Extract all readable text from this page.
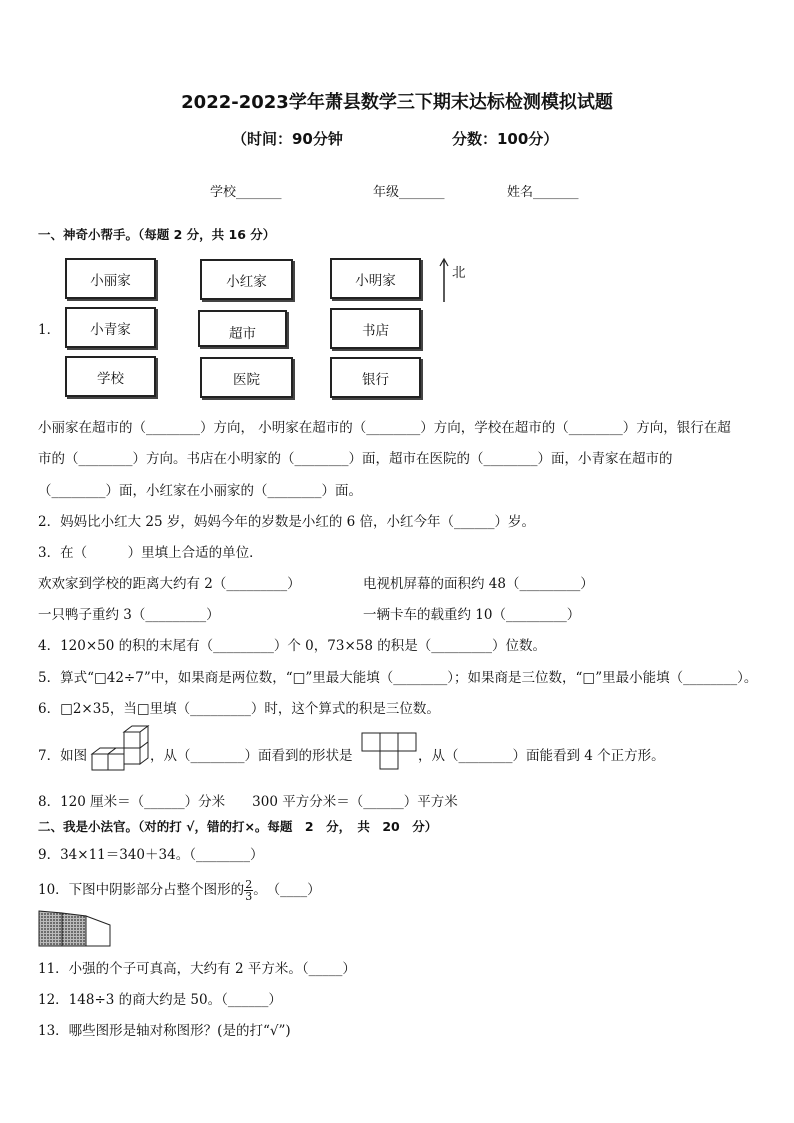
2022-2023学年萧县数学三下期末达标检测模拟试题
（时间：90分钟	分数：100分）
学校_______	年级_______	姓名_______
一、神奇小帮手。（每题 2 分，共 16 分）
1．
小丽家	小红家	小明家
小青家	超市	书店
学校	医院	银行
北
小丽家在超市的（________）方向， 小明家在超市的（________）方向，学校在超市的（________）方向，银行在超
市的（________）方向。书店在小明家的（________）面，超市在医院的（________）面，小青家在超市的
（________）面，小红家在小丽家的（________）面。
2．妈妈比小红大 25 岁，妈妈今年的岁数是小红的 6 倍，小红今年（______）岁。
3．在（　　　）里填上合适的单位．
欢欢家到学校的距离大约有 2（_________）	电视机屏幕的面积约 48（_________）
一只鸭子重约 3（_________）	一辆卡车的载重约 10（_________）
4．120×50 的积的末尾有（_________）个 0，73×58 的积是（_________）位数。
5．算式“□42÷7”中，如果商是两位数，“□”里最大能填（________）；如果商是三位数，“□”里最小能填（________）。
6．□2×35，当□里填（_________）时，这个算式的积是三位数。
7．如图	，从（________）面看到的形状是	，从（________）面能看到 4 个正方形。
8．120 厘米＝（______）分米　　300 平方分米＝（______）平方米
二、我是小法官。（对的打 √，错的打×。每题　2　分，　共　20　分）
9．34×11＝340＋34。（________）
10．下图中阴影部分占整个图形的 $\frac{2}{3}$ 。　（____）
11．小强的个子可真高，大约有 2 平方米。（_____）
12．148÷3 的商大约是 50。（______）
13．哪些图形是轴对称图形？(是的打“√”)
